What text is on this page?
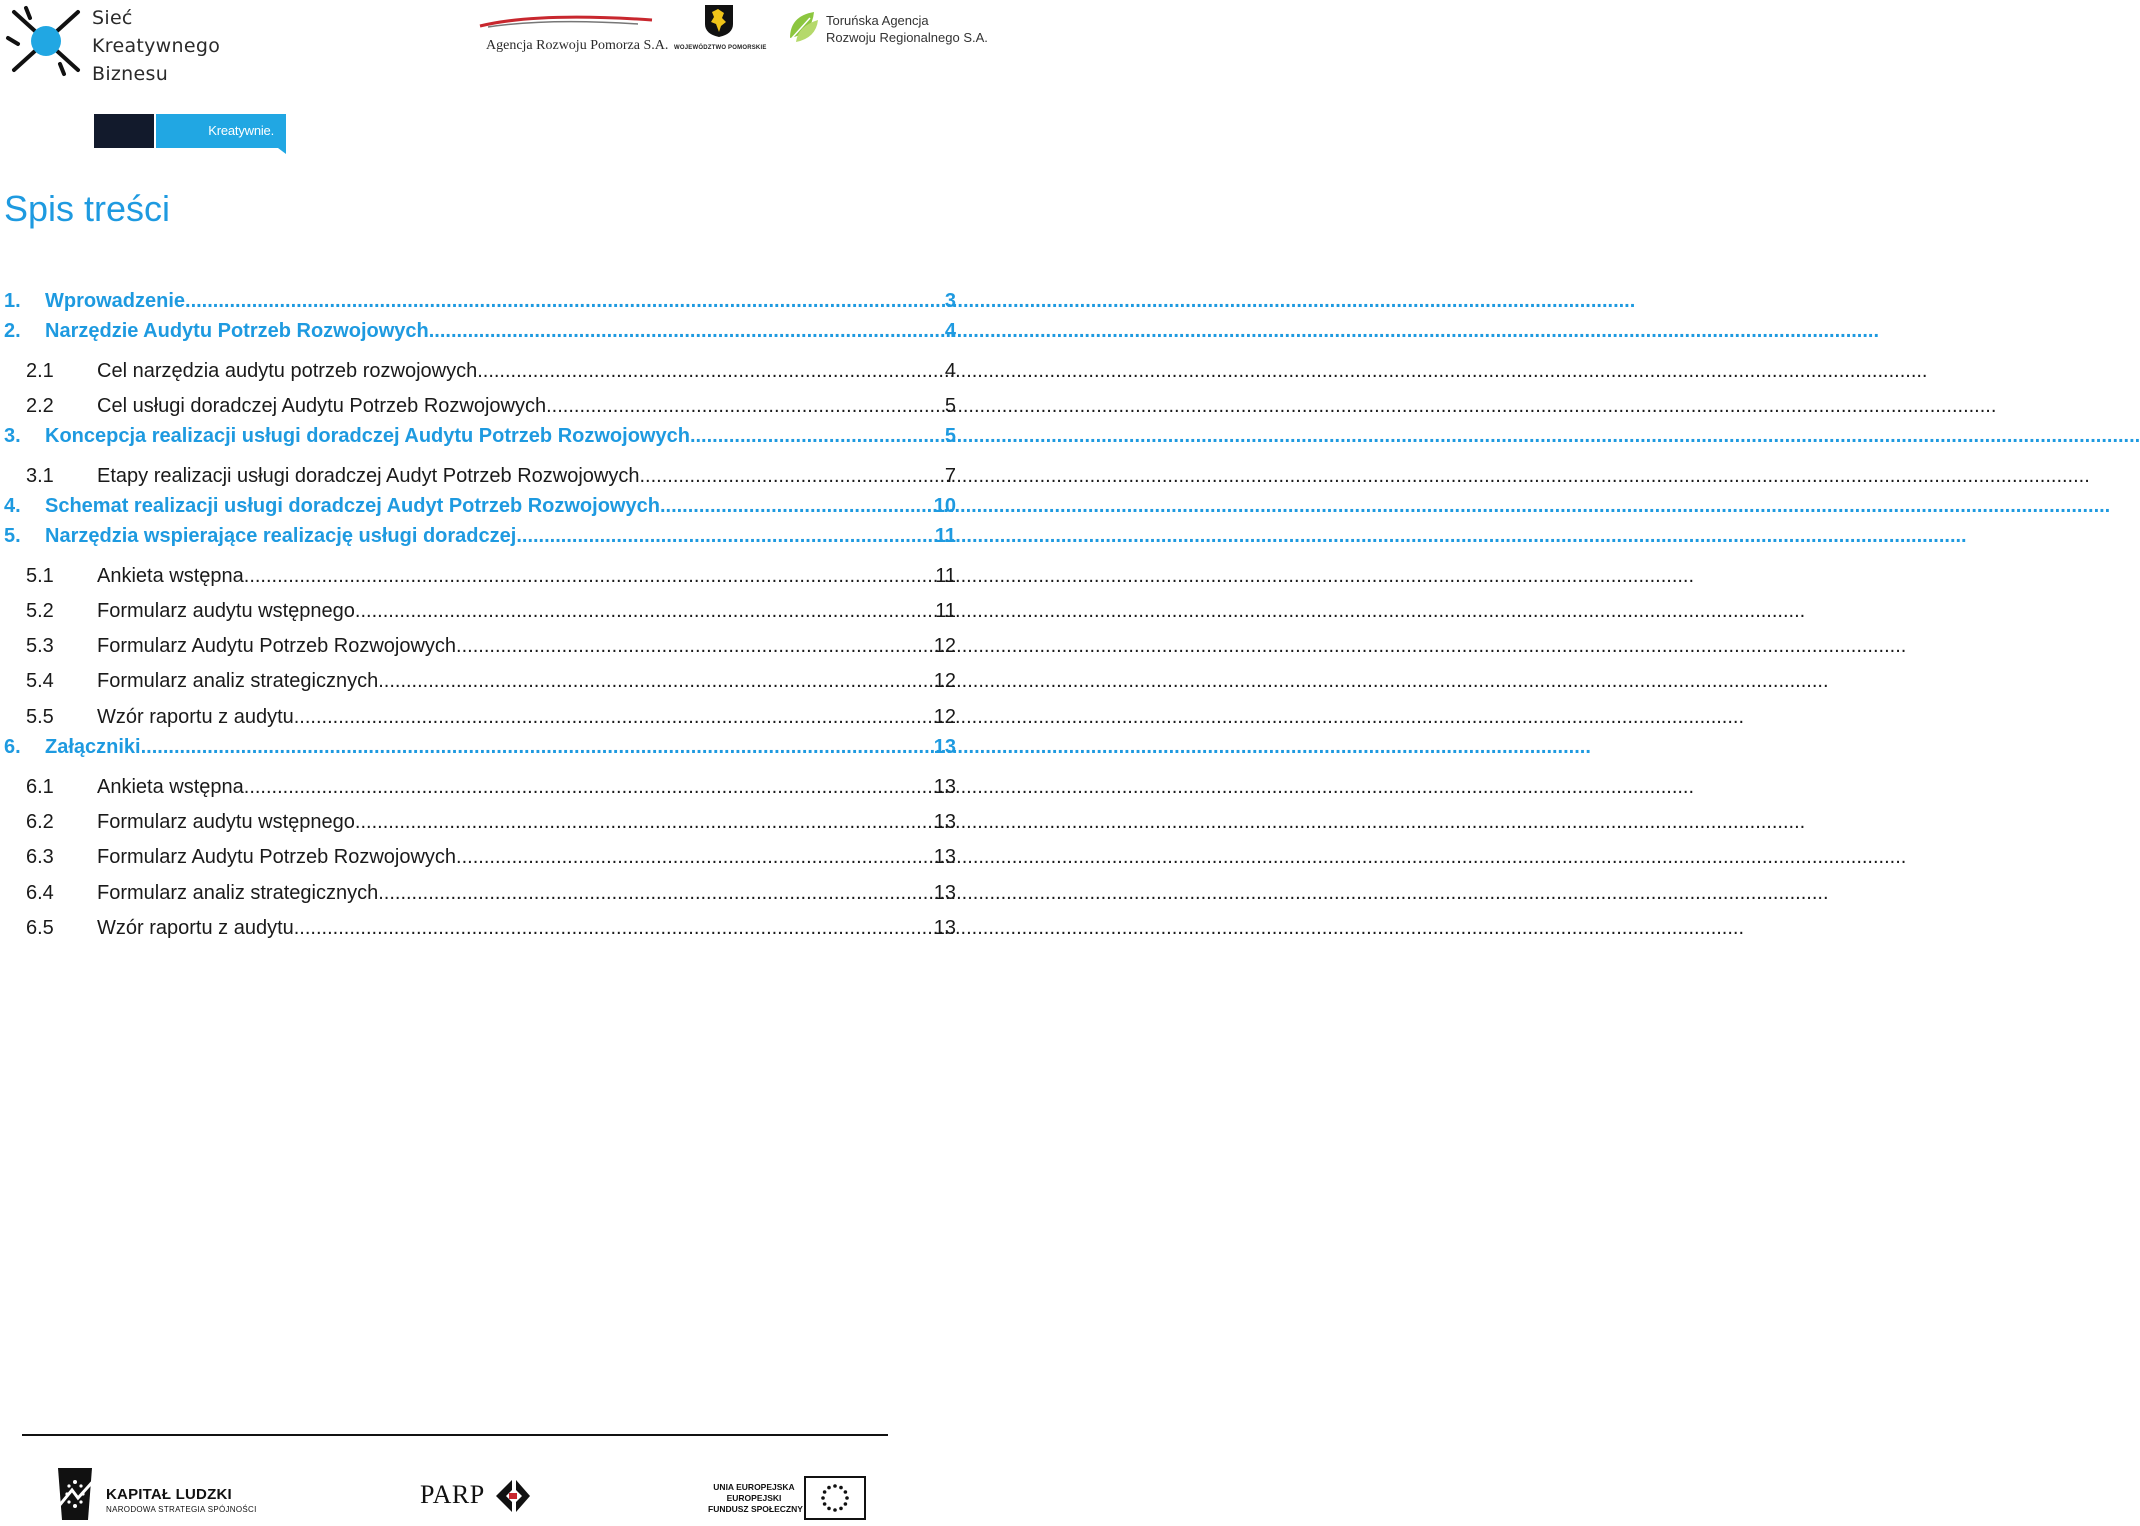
Sieć
Kreatywnego
Biznesu
Kreatywnie.
Agencja Rozwoju Pomorza S.A. WOJEWÓDZTWO POMORSKIE
Toruńska Agencja
Rozwoju Regionalnego S.A.
Spis treści
1.	Wprowadzenie .....	3
2.	Narzędzie Audytu Potrzeb Rozwojowych .....	4
2.1	Cel narzędzia audytu potrzeb rozwojowych .....	4
2.2	Cel usługi doradczej Audytu Potrzeb Rozwojowych .....	5
3.	Koncepcja realizacji usługi doradczej Audytu Potrzeb Rozwojowych .....	5
3.1	Etapy realizacji usługi doradczej Audyt Potrzeb Rozwojowych .....	7
4.	Schemat realizacji usługi doradczej Audyt Potrzeb Rozwojowych .....	10
5.	Narzędzia wspierające realizację usługi doradczej .....	11
5.1	Ankieta wstępna .....	11
5.2	Formularz audytu wstępnego .....	11
5.3	Formularz Audytu Potrzeb Rozwojowych .....	12
5.4	Formularz analiz strategicznych .....	12
5.5	Wzór raportu z audytu .....	12
6.	Załączniki .....	13
6.1	Ankieta wstępna .....	13
6.2	Formularz audytu wstępnego .....	13
6.3	Formularz Audytu Potrzeb Rozwojowych .....	13
6.4	Formularz analiz strategicznych .....	13
6.5	Wzór raportu z audytu .....	13
KAPITAŁ LUDZKI
NARODOWA STRATEGIA SPÓJNOŚCI
PARP	UNIA EUROPEJSKA
EUROPEJSKI
FUNDUSZ SPOŁECZNY
